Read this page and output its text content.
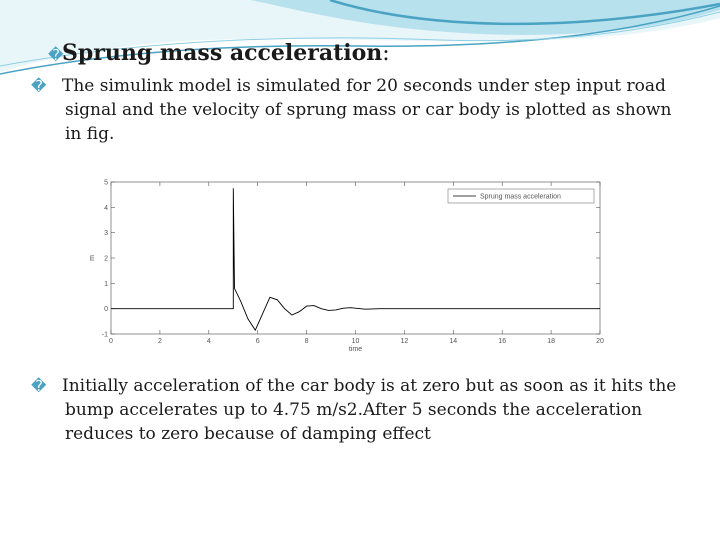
�Sprung mass acceleration:
� The simulink model is simulated for 20 seconds under step input road signal and the velocity of sprung mass or car body is plotted as shown in fig.
0	2	4	6	8	10	12	14	16	18	20
-1
0
1
2
3
4
5
time
m
Sprung mass acceleration
� Initially acceleration of the car body is at zero but as soon as it hits the bump accelerates up to 4.75 m/s2.After 5 seconds the acceleration reduces to zero because of damping effect
